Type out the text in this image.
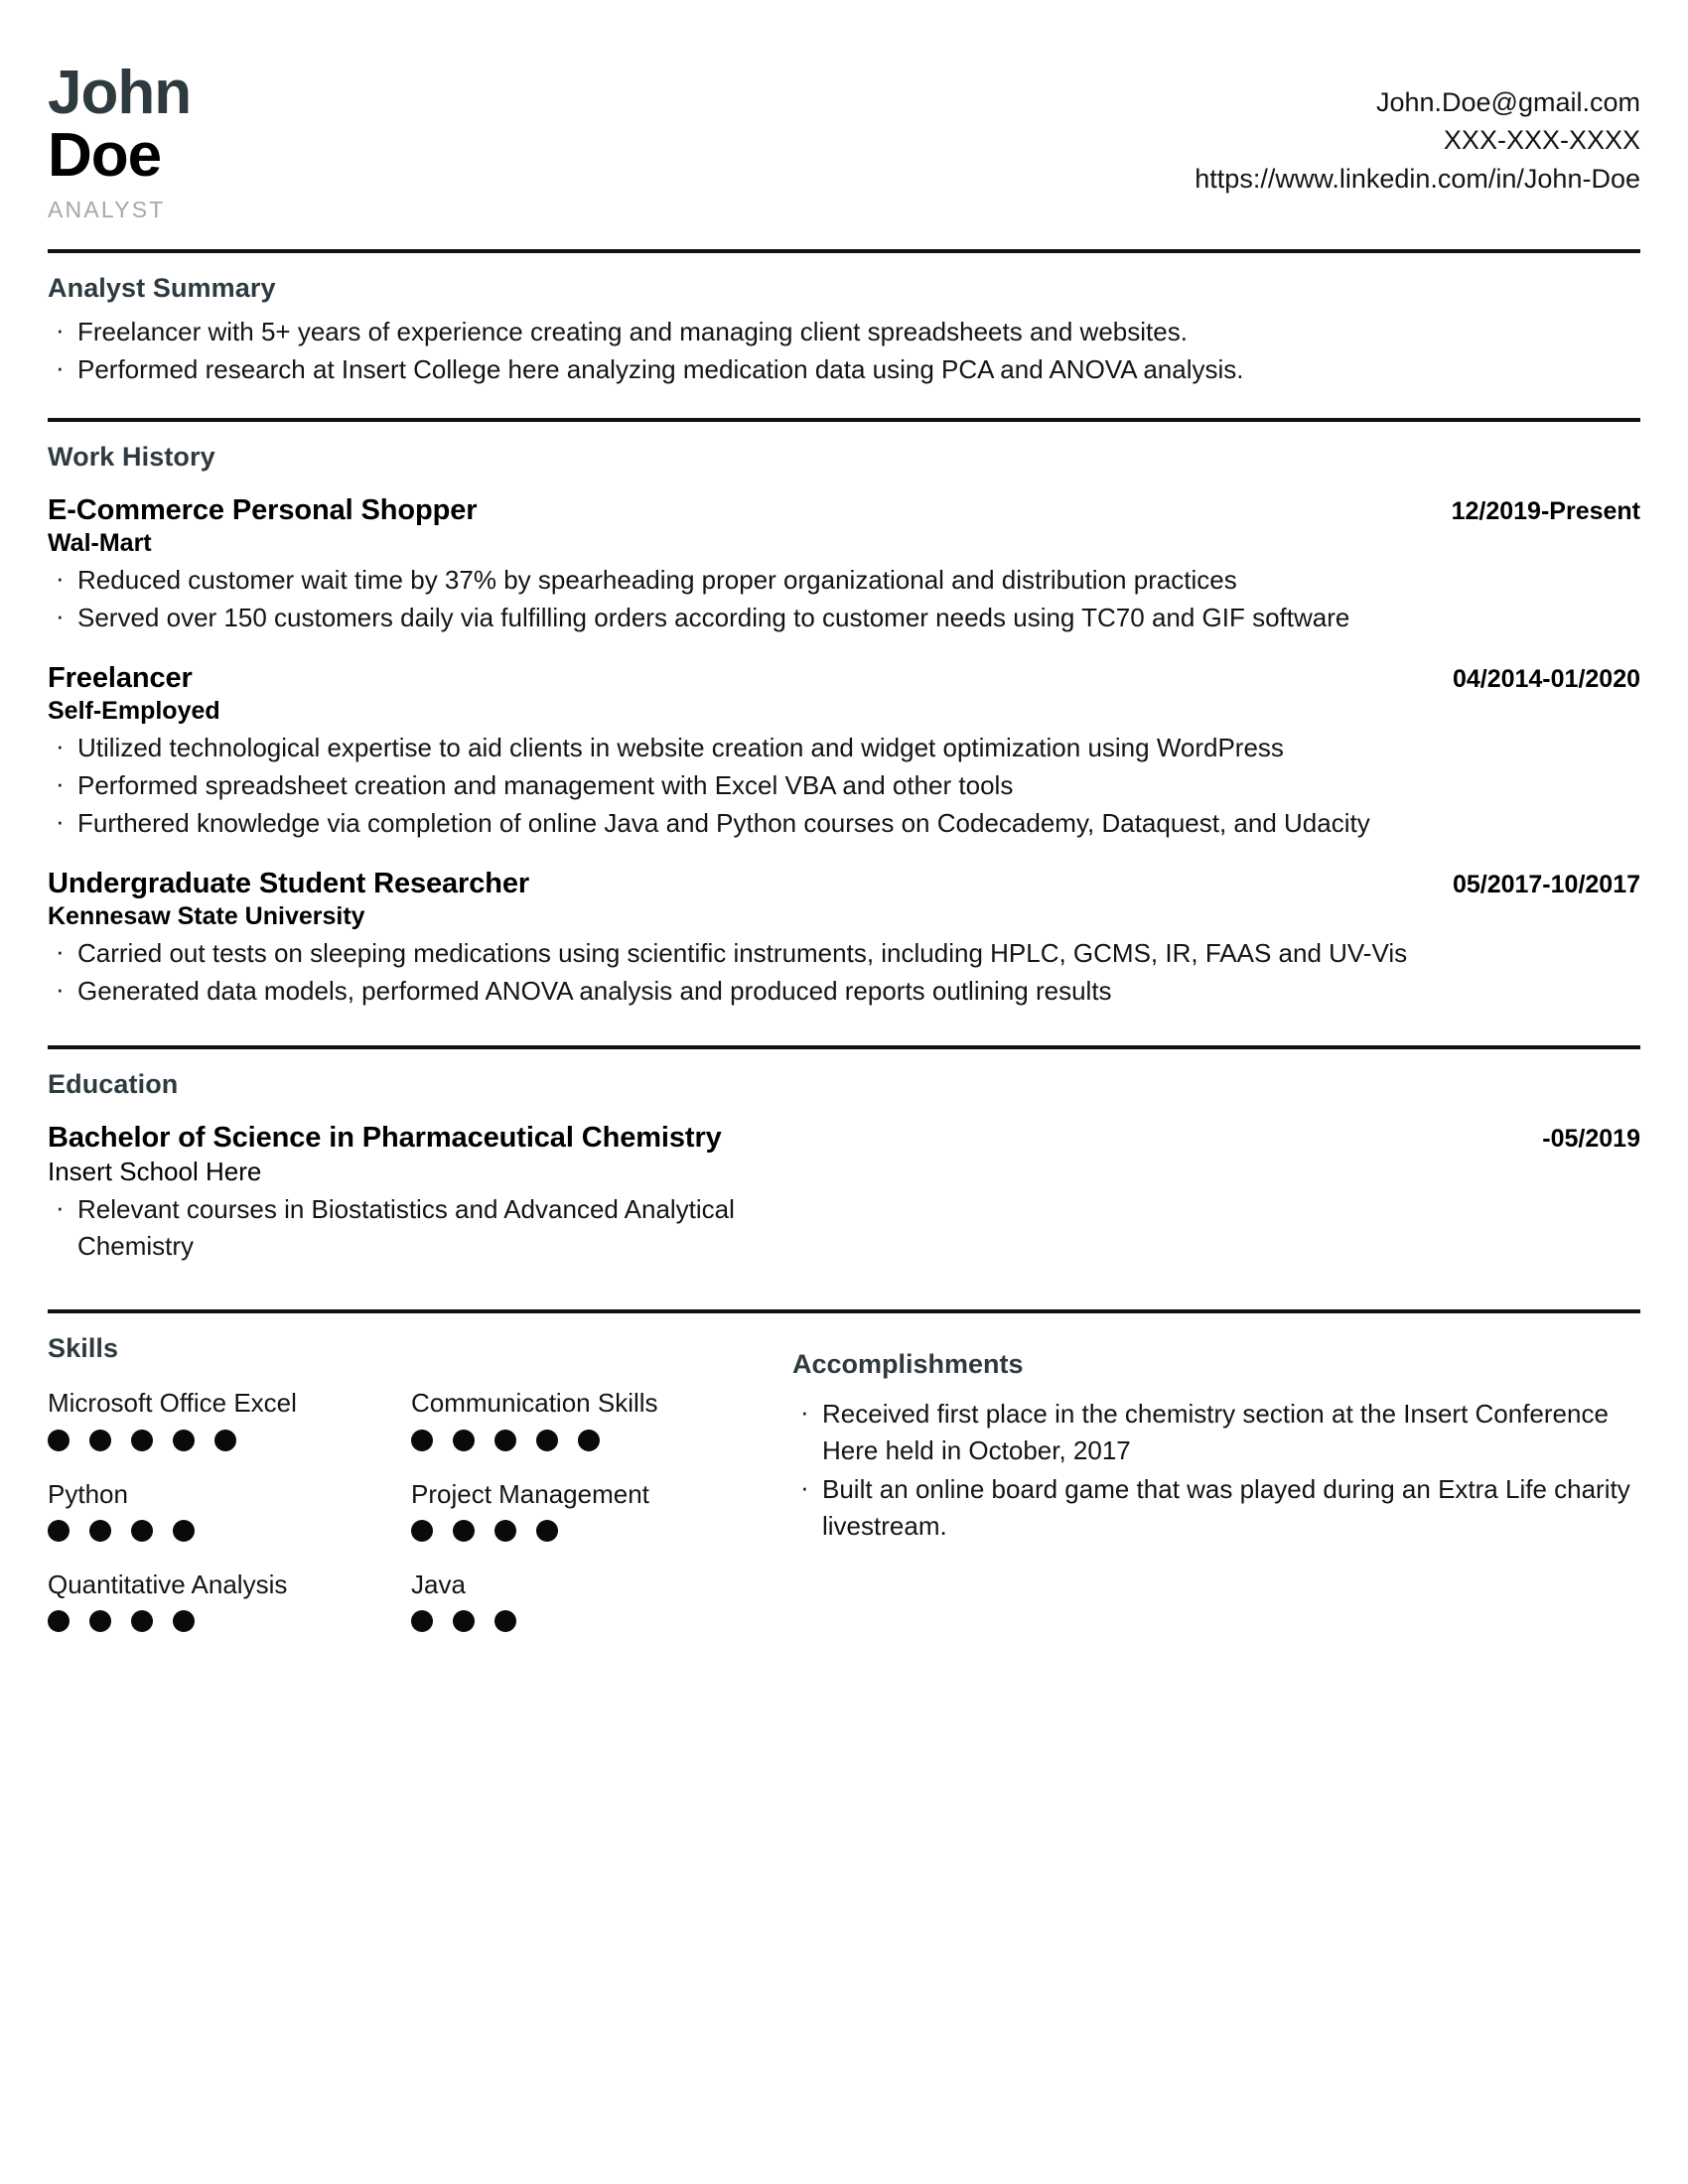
John
Doe
ANALYST
John.Doe@gmail.com
XXX-XXX-XXXX
https://www.linkedin.com/in/John-Doe
Analyst Summary
· Freelancer with 5+ years of experience creating and managing client spreadsheets and websites.
· Performed research at Insert College here analyzing medication data using PCA and ANOVA analysis.
Work History
E-Commerce Personal Shopper	12/2019-Present
Wal-Mart
· Reduced customer wait time by 37% by spearheading proper organizational and distribution practices
· Served over 150 customers daily via fulfilling orders according to customer needs using TC70 and GIF software
Freelancer	04/2014-01/2020
Self-Employed
· Utilized technological expertise to aid clients in website creation and widget optimization using WordPress
· Performed spreadsheet creation and management with Excel VBA and other tools
· Furthered knowledge via completion of online Java and Python courses on Codecademy, Dataquest, and Udacity
Undergraduate Student Researcher	05/2017-10/2017
Kennesaw State University
· Carried out tests on sleeping medications using scientific instruments, including HPLC, GCMS, IR, FAAS and UV-Vis
· Generated data models, performed ANOVA analysis and produced reports outlining results
Education
Bachelor of Science in Pharmaceutical Chemistry	-05/2019
Insert School Here
· Relevant courses in Biostatistics and Advanced Analytical Chemistry
Skills
Microsoft Office Excel	Communication Skills
Python	Project Management
Quantitative Analysis	Java
Accomplishments
· Received first place in the chemistry section at the Insert Conference Here held in October, 2017
· Built an online board game that was played during an Extra Life charity livestream.
